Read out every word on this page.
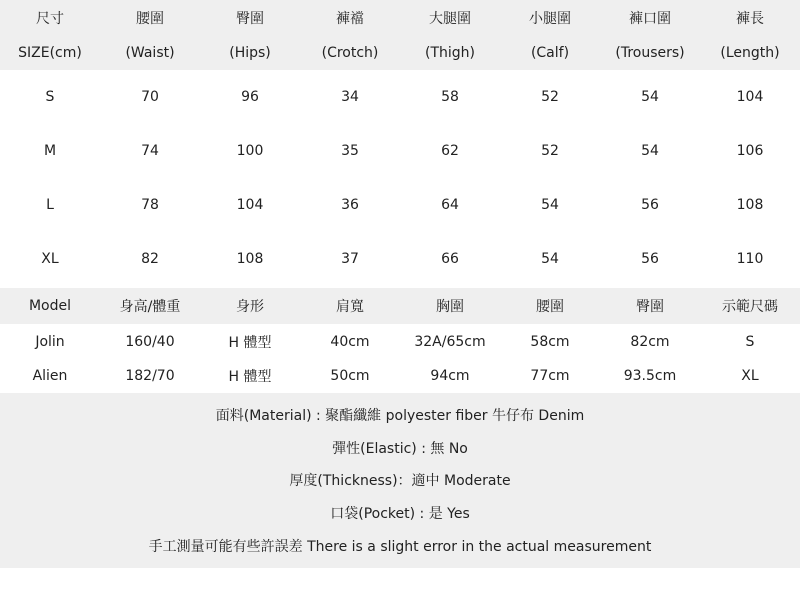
尺寸	腰圍	臀圍	褲襠	大腿圍	小腿圍	褲口圍	褲長
SIZE(cm)	(Waist)	(Hips)	(Crotch)	(Thigh)	(Calf)	(Trousers)	(Length)
S	70	96	34	58	52	54	104
M	74	100	35	62	52	54	106
L	78	104	36	64	54	56	108
XL	82	108	37	66	54	56	110
Model	身高/體重	身形	肩寬	胸圍	腰圍	臀圍	示範尺碼
Jolin	160/40	H 體型	40cm	32A/65cm	58cm	82cm	S
Alien	182/70	H 體型	50cm	94cm	77cm	93.5cm	XL
面料(Material) : 聚酯纖維 polyester fiber 牛仔布 Denim
彈性(Elastic) : 無 No
厚度(Thickness)：適中 Moderate
口袋(Pocket) : 是 Yes
手工測量可能有些許誤差 There is a slight error in the actual measurement
